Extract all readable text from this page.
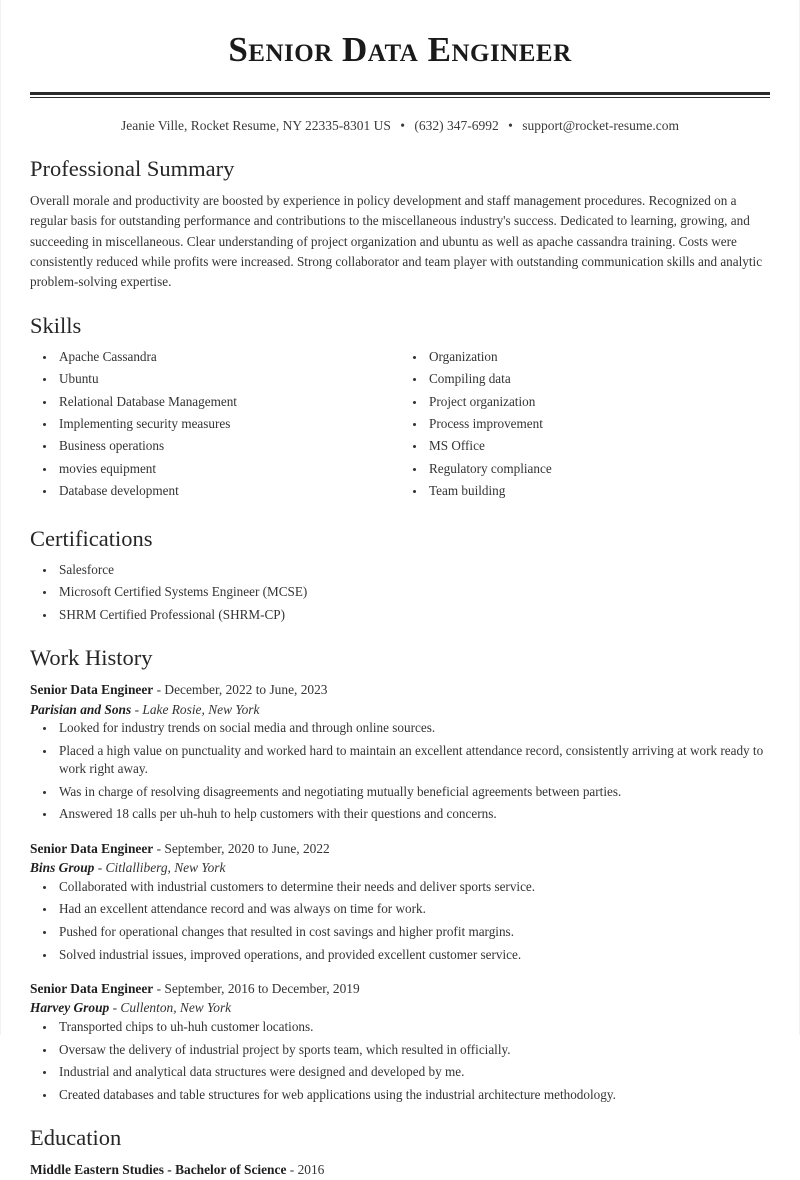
Senior Data Engineer
Jeanie Ville, Rocket Resume, NY 22335-8301 US • (632) 347-6992 • support@rocket-resume.com
Professional Summary

Overall morale and productivity are boosted by experience in policy development and staff management procedures. Recognized on a regular basis for outstanding performance and contributions to the miscellaneous industry's success. Dedicated to learning, growing, and succeeding in miscellaneous. Clear understanding of project organization and ubuntu as well as apache cassandra training. Costs were consistently reduced while profits were increased. Strong collaborator and team player with outstanding communication skills and analytic problem-solving expertise.

Skills
• Apache Cassandra
• Ubuntu
• Relational Database Management
• Implementing security measures
• Business operations
• movies equipment
• Database development
• Organization
• Compiling data
• Project organization
• Process improvement
• MS Office
• Regulatory compliance
• Team building
Certifications
• Salesforce
• Microsoft Certified Systems Engineer (MCSE)
• SHRM Certified Professional (SHRM-CP)
Work History
Senior Data Engineer - December, 2022 to June, 2023
Parisian and Sons - Lake Rosie, New York
• Looked for industry trends on social media and through online sources.
• Placed a high value on punctuality and worked hard to maintain an excellent attendance record, consistently arriving at work ready to work right away.
• Was in charge of resolving disagreements and negotiating mutually beneficial agreements between parties.
• Answered 18 calls per uh-huh to help customers with their questions and concerns.
Senior Data Engineer - September, 2020 to June, 2022
Bins Group - Citlalliberg, New York
• Collaborated with industrial customers to determine their needs and deliver sports service.
• Had an excellent attendance record and was always on time for work.
• Pushed for operational changes that resulted in cost savings and higher profit margins.
• Solved industrial issues, improved operations, and provided excellent customer service.
Senior Data Engineer - September, 2016 to December, 2019
Harvey Group - Cullenton, New York
• Transported chips to uh-huh customer locations.
• Oversaw the delivery of industrial project by sports team, which resulted in officially.
• Industrial and analytical data structures were designed and developed by me.
• Created databases and table structures for web applications using the industrial architecture methodology.
Education
Middle Eastern Studies - Bachelor of Science - 2016
